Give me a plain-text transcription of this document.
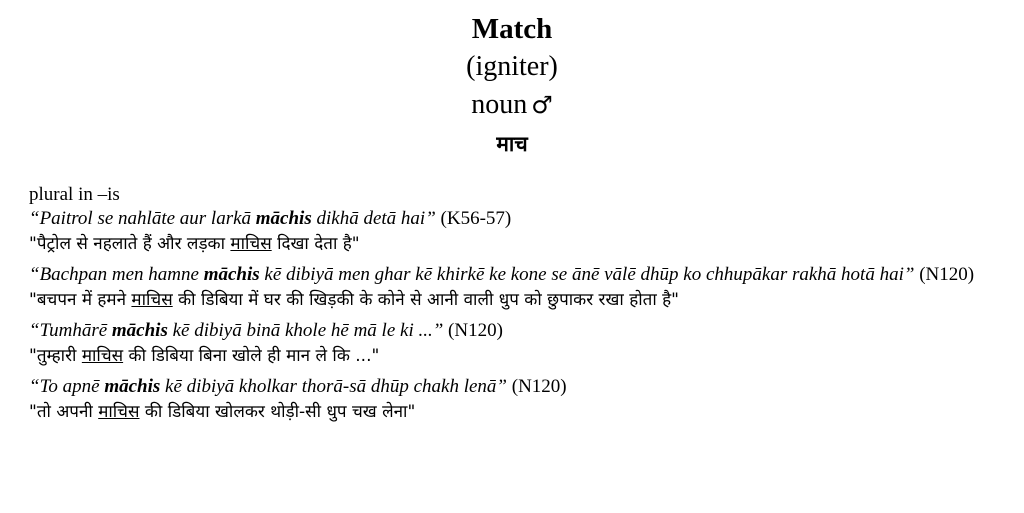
Match
(igniter)
noun ♂
माच
plural in –is
“Paitrol se nahlāte aur larkā māchis dikhā detā hai” (K56-57)
"पैट्रोल से नहलाते हैं और लड़का माचिस दिखा देता है"
“Bachpan men hamne māchis kē dibiyā men ghar kē khirkē ke kone se ānē vālē dhūp ko chhupākar rakhā hotā hai” (N120)
"बचपन में हमने माचिस की डिबिया में घर की खिड़की के कोने से आनी वाली धुप को छुपाकर रखा होता है"
“Tumhārē māchis kē dibiyā binā khole hē mā le ki ...” (N120)
"तुम्हारी माचिस की डिबिया बिना खोले ही मान ले कि ..."
“To apnē māchis kē dibiyā kholkar thorā-sā dhūp chakh lenā” (N120)
"तो अपनी माचिस की डिबिया खोलकर थोड़ी-सी धुप चख लेना"
